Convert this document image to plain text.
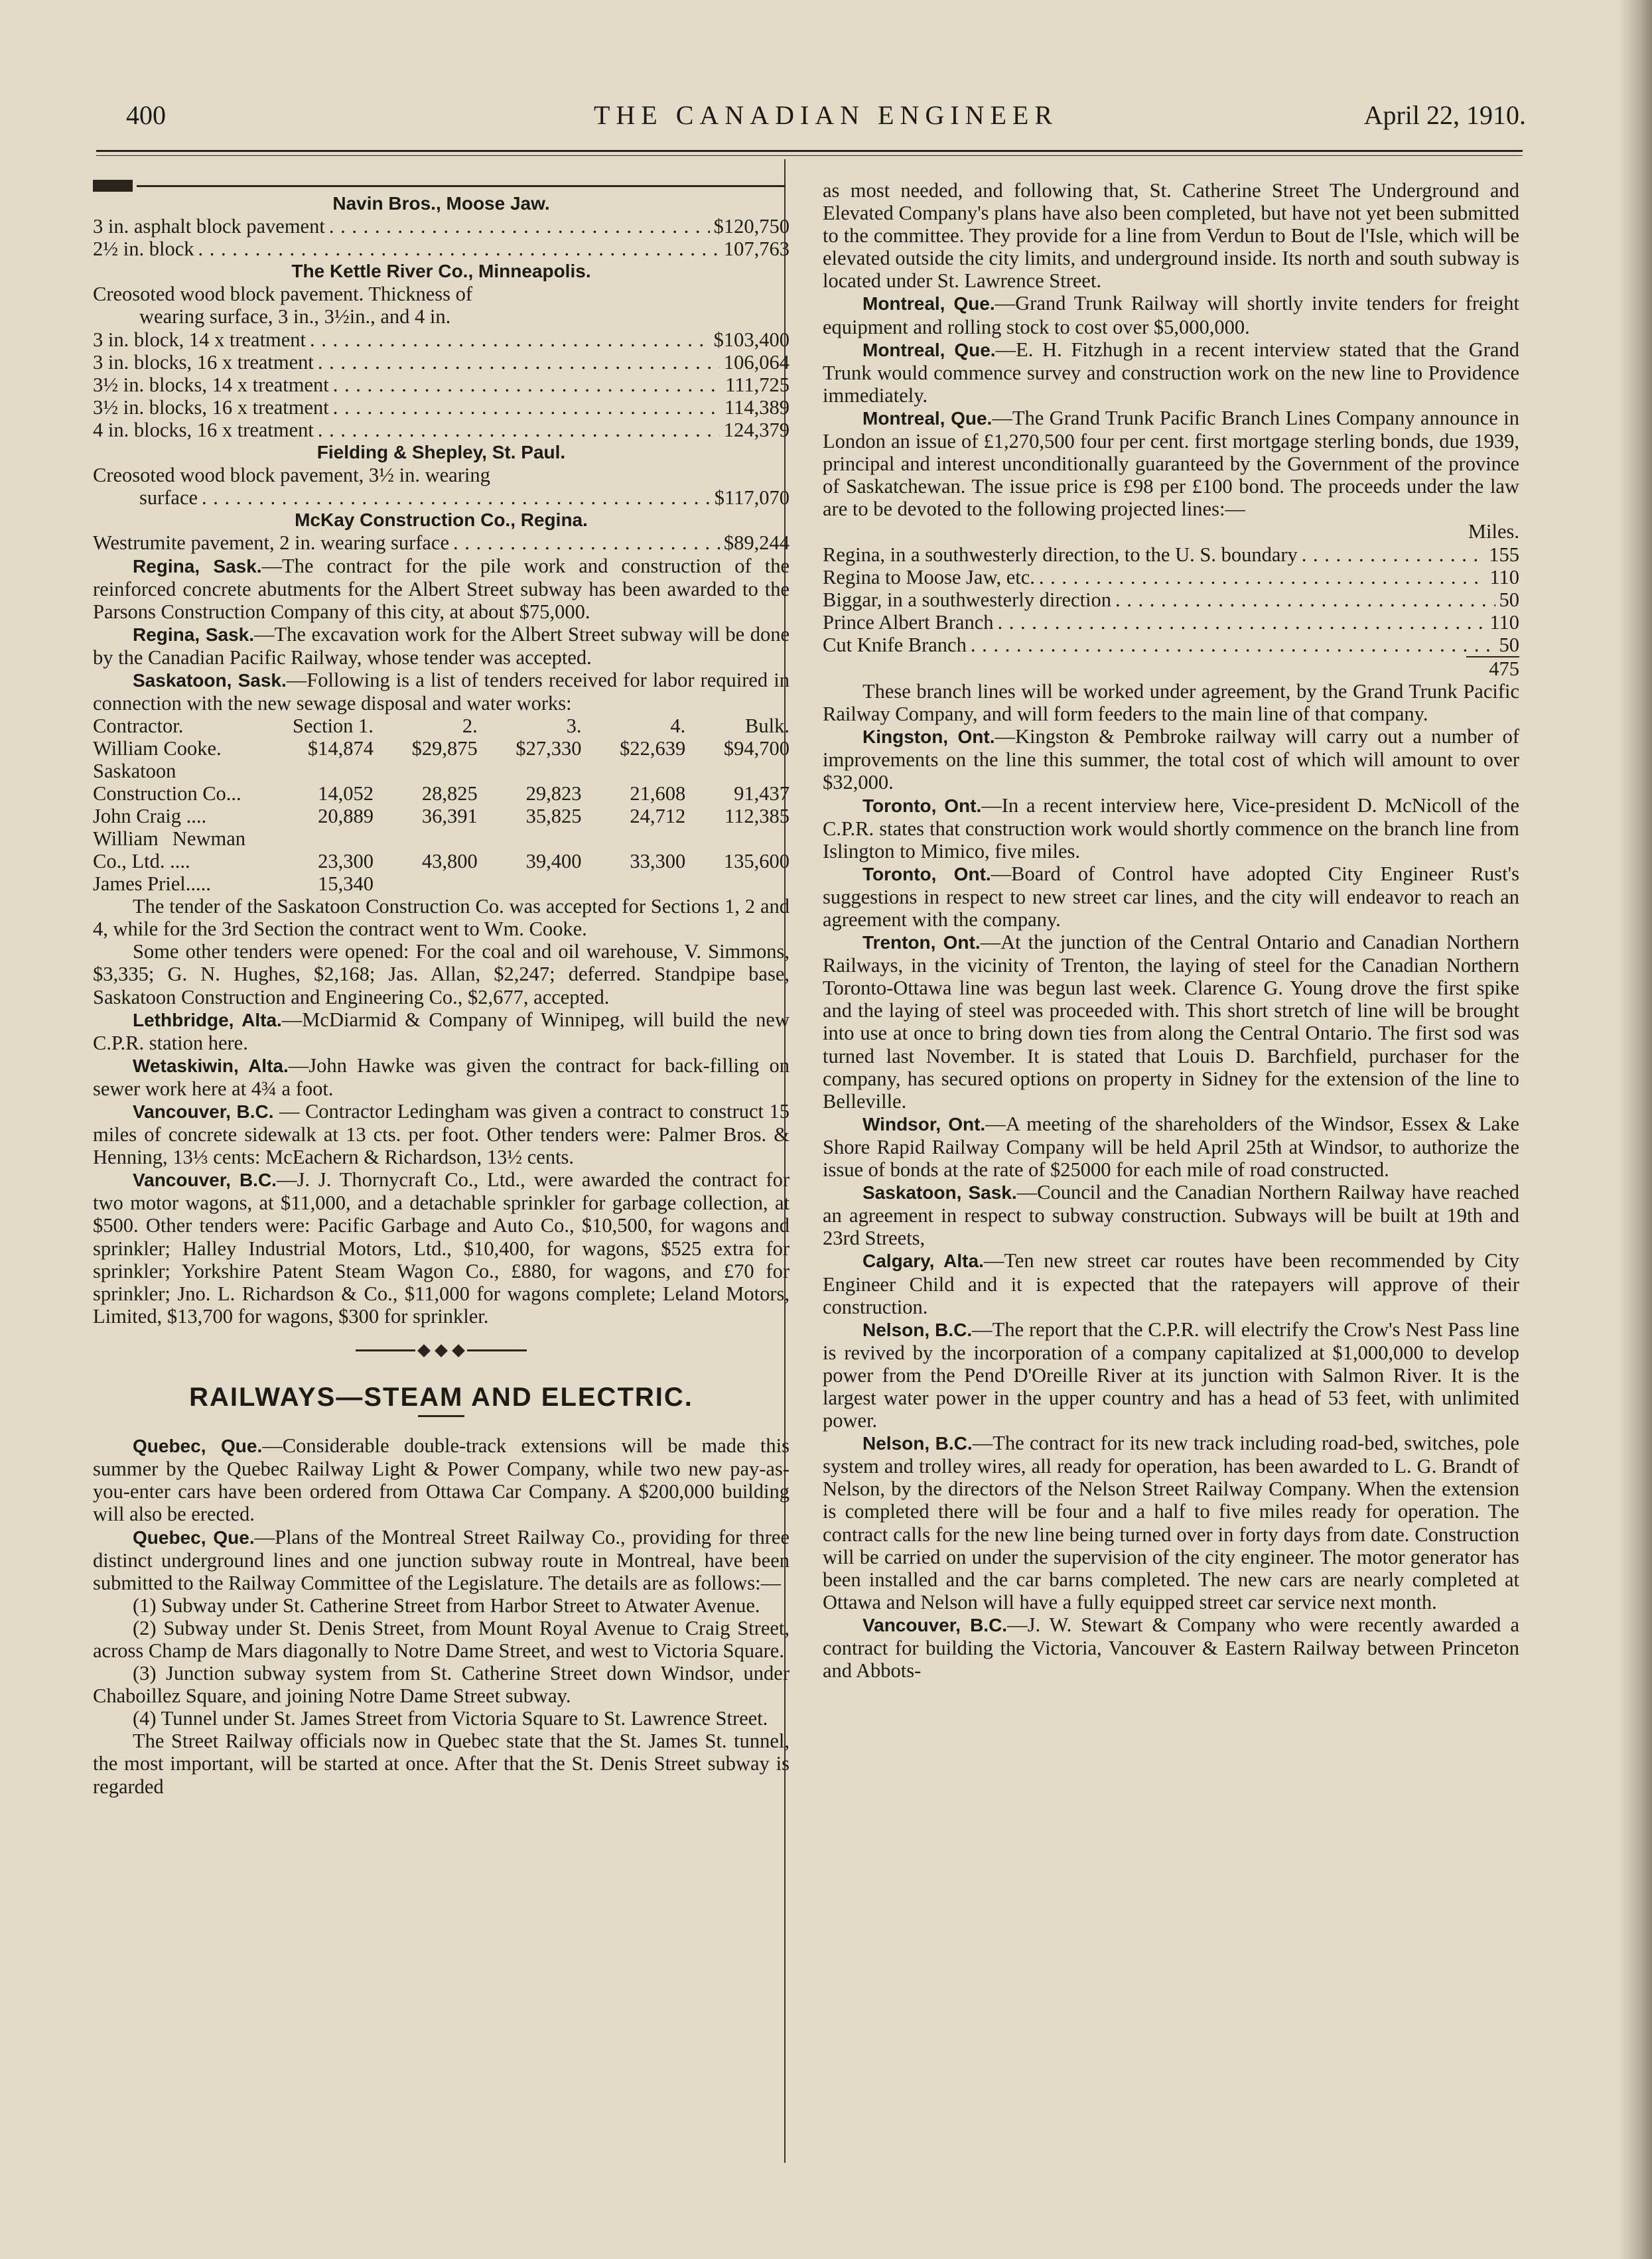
400	THE CANADIAN ENGINEER	April 22, 1910.

Navin Bros., Moose Jaw.

3 in. asphalt block pavement . . .	$120,750
2½ in. block . . .	107,763

The Kettle River Co., Minneapolis.

Creosoted wood block pavement. Thickness of

wearing surface, 3 in., 3½in., and 4 in.

3 in. block, 14 x treatment . . .	$103,400
3 in. blocks, 16 x treatment . . .	106,064
3½ in. blocks, 14 x treatment . . .	111,725
3½ in. blocks, 16 x treatment . . .	114,389
4 in. blocks, 16 x treatment . . .	124,379

Fielding & Shepley, St. Paul.

Creosoted wood block pavement, 3½ in. wearing

surface . . .	$117,070

McKay Construction Co., Regina.

Westrumite pavement, 2 in. wearing surface . . .	$89,244

Regina, Sask.—The contract for the pile work and construction of the reinforced concrete abutments for the Albert Street subway has been awarded to the Parsons Construction Company of this city, at about $75,000.

Regina, Sask.—The excavation work for the Albert Street subway will be done by the Canadian Pacific Railway, whose tender was accepted.

Saskatoon, Sask.—Following is a list of tenders received for labor required in connection with the new sewage disposal and water works:

Contractor.	Section 1.	2.	3.	4.	Bulk.
William Cooke.	$14,874	$29,875	$27,330	$22,639	$94,700
Saskatoon Construction Co...	14,052	28,825	29,823	21,608	91,437
John Craig ....	20,889	36,391	35,825	24,712	112,385
William Newman Co., Ltd. ....	23,300	43,800	39,400	33,300	135,600
James Priel.....	15,340				

The tender of the Saskatoon Construction Co. was accepted for Sections 1, 2 and 4, while for the 3rd Section the contract went to Wm. Cooke.

Some other tenders were opened: For the coal and oil warehouse, V. Simmons, $3,335; G. N. Hughes, $2,168; Jas. Allan, $2,247; deferred. Standpipe base, Saskatoon Construction and Engineering Co., $2,677, accepted.

Lethbridge, Alta.—McDiarmid & Company of Winnipeg, will build the new C.P.R. station here.

Wetaskiwin, Alta.—John Hawke was given the contract for back-filling on sewer work here at 4¾ a foot.

Vancouver, B.C. — Contractor Ledingham was given a contract to construct 15 miles of concrete sidewalk at 13 cts. per foot. Other tenders were: Palmer Bros. & Henning, 13⅓ cents: McEachern & Richardson, 13½ cents.

Vancouver, B.C.—J. J. Thornycraft Co., Ltd., were awarded the contract for two motor wagons, at $11,000, and a detachable sprinkler for garbage collection, at $500. Other tenders were: Pacific Garbage and Auto Co., $10,500, for wagons and sprinkler; Halley Industrial Motors, Ltd., $10,400, for wagons, $525 extra for sprinkler; Yorkshire Patent Steam Wagon Co., £880, for wagons, and £70 for sprinkler; Jno. L. Richardson & Co., $11,000 for wagons complete; Leland Motors, Limited, $13,700 for wagons, $300 for sprinkler.

RAILWAYS—STEAM AND ELECTRIC.

Quebec, Que.—Considerable double-track extensions will be made this summer by the Quebec Railway Light & Power Company, while two new pay-as-you-enter cars have been ordered from Ottawa Car Company. A $200,000 building will also be erected.

Quebec, Que.—Plans of the Montreal Street Railway Co., providing for three distinct underground lines and one junction subway route in Montreal, have been submitted to the Railway Committee of the Legislature. The details are as follows:—

(1) Subway under St. Catherine Street from Harbor Street to Atwater Avenue.

(2) Subway under St. Denis Street, from Mount Royal Avenue to Craig Street, across Champ de Mars diagonally to Notre Dame Street, and west to Victoria Square.

(3) Junction subway system from St. Catherine Street down Windsor, under Chaboillez Square, and joining Notre Dame Street subway.

(4) Tunnel under St. James Street from Victoria Square to St. Lawrence Street.

The Street Railway officials now in Quebec state that the St. James St. tunnel, the most important, will be started at once. After that the St. Denis Street subway is regarded

as most needed, and following that, St. Catherine Street The Underground and Elevated Company's plans have also been completed, but have not yet been submitted to the committee. They provide for a line from Verdun to Bout de l'Isle, which will be elevated outside the city limits, and underground inside. Its north and south subway is located under St. Lawrence Street.

Montreal, Que.—Grand Trunk Railway will shortly invite tenders for freight equipment and rolling stock to cost over $5,000,000.

Montreal, Que.—E. H. Fitzhugh in a recent interview stated that the Grand Trunk would commence survey and construction work on the new line to Providence immediately.

Montreal, Que.—The Grand Trunk Pacific Branch Lines Company announce in London an issue of £1,270,500 four per cent. first mortgage sterling bonds, due 1939, principal and interest unconditionally guaranteed by the Government of the province of Saskatchewan. The issue price is £98 per £100 bond. The proceeds under the law are to be devoted to the following projected lines:—

Miles.

Regina, in a southwesterly direction, to the U. S. boundary . . .	155
Regina to Moose Jaw, etc. . . .	110
Biggar, in a southwesterly direction . . .	50
Prince Albert Branch . . .	110
Cut Knife Branch . . .	50

475

These branch lines will be worked under agreement, by the Grand Trunk Pacific Railway Company, and will form feeders to the main line of that company.

Kingston, Ont.—Kingston & Pembroke railway will carry out a number of improvements on the line this summer, the total cost of which will amount to over $32,000.

Toronto, Ont.—In a recent interview here, Vice-president D. McNicoll of the C.P.R. states that construction work would shortly commence on the branch line from Islington to Mimico, five miles.

Toronto, Ont.—Board of Control have adopted City Engineer Rust's suggestions in respect to new street car lines, and the city will endeavor to reach an agreement with the company.

Trenton, Ont.—At the junction of the Central Ontario and Canadian Northern Railways, in the vicinity of Trenton, the laying of steel for the Canadian Northern Toronto-Ottawa line was begun last week. Clarence G. Young drove the first spike and the laying of steel was proceeded with. This short stretch of line will be brought into use at once to bring down ties from along the Central Ontario. The first sod was turned last November. It is stated that Louis D. Barchfield, purchaser for the company, has secured options on property in Sidney for the extension of the line to Belleville.

Windsor, Ont.—A meeting of the shareholders of the Windsor, Essex & Lake Shore Rapid Railway Company will be held April 25th at Windsor, to authorize the issue of bonds at the rate of $25000 for each mile of road constructed.

Saskatoon, Sask.—Council and the Canadian Northern Railway have reached an agreement in respect to subway construction. Subways will be built at 19th and 23rd Streets,

Calgary, Alta.—Ten new street car routes have been recommended by City Engineer Child and it is expected that the ratepayers will approve of their construction.

Nelson, B.C.—The report that the C.P.R. will electrify the Crow's Nest Pass line is revived by the incorporation of a company capitalized at $1,000,000 to develop power from the Pend D'Oreille River at its junction with Salmon River. It is the largest water power in the upper country and has a head of 53 feet, with unlimited power.

Nelson, B.C.—The contract for its new track including road-bed, switches, pole system and trolley wires, all ready for operation, has been awarded to L. G. Brandt of Nelson, by the directors of the Nelson Street Railway Company. When the extension is completed there will be four and a half to five miles ready for operation. The contract calls for the new line being turned over in forty days from date. Construction will be carried on under the supervision of the city engineer. The motor generator has been installed and the car barns completed. The new cars are nearly completed at Ottawa and Nelson will have a fully equipped street car service next month.

Vancouver, B.C.—J. W. Stewart & Company who were recently awarded a contract for building the Victoria, Vancouver & Eastern Railway between Princeton and Abbots-
